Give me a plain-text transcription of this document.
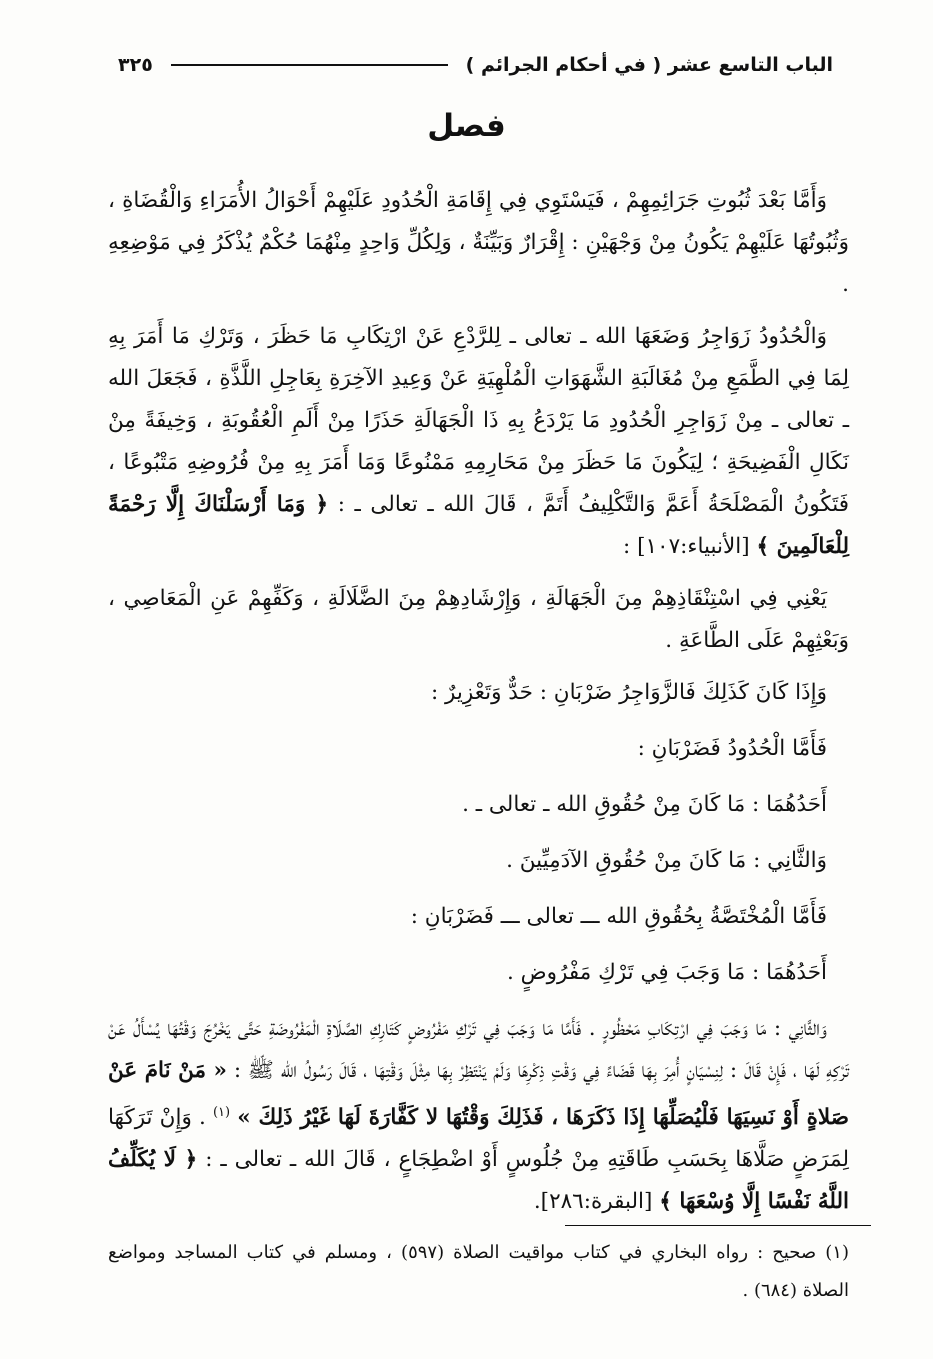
الباب التاسع عشر ( في أحكام الجرائم )
٣٢٥
فصل

وَأَمَّا بَعْدَ ثُبُوتِ جَرَائِمِهِمْ ، فَيَسْتَوِي فِي إِقَامَةِ الْحُدُودِ عَلَيْهِمْ أَحْوَالُ الأُمَرَاءِ وَالْقُضَاةِ ، وَثُبُوتُهَا عَلَيْهِمْ يَكُونُ مِنْ وَجْهَيْنِ : إِقْرَارٌ وَبَيِّنَةٌ ، وَلِكُلِّ وَاحِدٍ مِنْهُمَا حُكْمٌ يُذْكَرُ فِي مَوْضِعِهِ .

وَالْحُدُودُ زَوَاجِرُ وَضَعَهَا الله ـ تعالى ـ لِلرَّدْعِ عَنْ ارْتِكَابِ مَا حَظَرَ ، وَتَرْكِ مَا أَمَرَ بِهِ لِمَا فِي الطَّمَعِ مِنْ مُغَالَبَةِ الشَّهَوَاتِ الْمُلْهِيَةِ عَنْ وَعِيدِ الآخِرَةِ بِعَاجِلِ اللَّذَّةِ ، فَجَعَلَ الله ـ تعالى ـ مِنْ زَوَاجِرِ الْحُدُودِ مَا يَرْدَعُ بِهِ ذَا الْجَهَالَةِ حَذَرًا مِنْ أَلَمِ الْعُقُوبَةِ ، وَخِيفَةً مِنْ نَكَالِ الْفَضِيحَةِ ؛ لِيَكُونَ مَا حَظَرَ مِنْ مَحَارِمِهِ مَمْنُوعًا وَمَا أَمَرَ بِهِ مِنْ فُرُوضِهِ مَتْبُوعًا ، فَتَكُونُ الْمَصْلَحَةُ أَعَمَّ وَالتَّكْلِيفُ أَتَمَّ ، قَالَ الله ـ تعالى ـ : ﴿ وَمَا أَرْسَلْنَاكَ إِلَّا رَحْمَةً لِلْعَالَمِينَ ﴾ [الأنبياء:١٠٧] :

يَعْنِي فِي اسْتِنْقَاذِهِمْ مِنَ الْجَهَالَةِ ، وَإِرْشَادِهِمْ مِنَ الضَّلَالَةِ ، وَكَفِّهِمْ عَنِ الْمَعَاصِي ، وَبَعْثِهِمْ عَلَى الطَّاعَةِ .

وَإِذَا كَانَ كَذَلِكَ فَالزَّوَاجِرُ ضَرْبَانِ : حَدٌّ وَتَعْزِيرٌ :

فَأَمَّا الْحُدُودُ فَضَرْبَانِ :

أَحَدُهُمَا : مَا كَانَ مِنْ حُقُوقِ الله ـ تعالى ـ .

وَالثَّانِي : مَا كَانَ مِنْ حُقُوقِ الآدَمِيِّينَ .

فَأَمَّا الْمُخْتَصَّةُ بِحُقُوقِ الله ـــ تعالى ـــ فَضَرْبَانِ :

أَحَدُهُمَا : مَا وَجَبَ فِي تَرْكِ مَفْرُوضٍ .

وَالثَّانِي : مَا وَجَبَ فِي ارْتِكَابِ مَحْظُورٍ . فَأَمَّا مَا وَجَبَ فِي تَرْكِ مَفْرُوضٍ كَتَارِكِ الصَّلَاةِ الْمَفْرُوضَةِ حَتَّى يَخْرُجَ وَقْتُهَا يُسْأَلُ عَنْ تَرْكِهِ لَهَا ، فَإِنْ قَالَ : لِنِسْيَانٍ أُمِرَ بِهَا قَضَاءً فِي وَقْتِ ذِكْرِهَا وَلَمْ يَنْتَظِرْ بِهَا مِثْلَ وَقْتِهَا ، قَالَ رَسُولُ الله ﷺ : « مَنْ نَامَ عَنْ صَلاةٍ أَوْ نَسِيَهَا فَلْيُصَلِّهَا إِذَا ذَكَرَهَا ، فَذَلِكَ وَقْتُهَا لا كَفَّارَةَ لَهَا غَيْرُ ذَلِكَ » $^{(١)}$ . وَإِنْ تَرَكَهَا لِمَرَضٍ صَلَّاهَا بِحَسَبِ طَاقَتِهِ مِنْ جُلُوسٍ أَوْ اضْطِجَاعٍ ، قَالَ الله ـ تعالى ـ : ﴿ لَا يُكَلِّفُ اللَّهُ نَفْسًا إِلَّا وُسْعَهَا ﴾ [البقرة:٢٨٦].

(١) صحيح : رواه البخاري في كتاب مواقيت الصلاة (٥٩٧) ، ومسلم في كتاب المساجد ومواضع الصلاة (٦٨٤) .
